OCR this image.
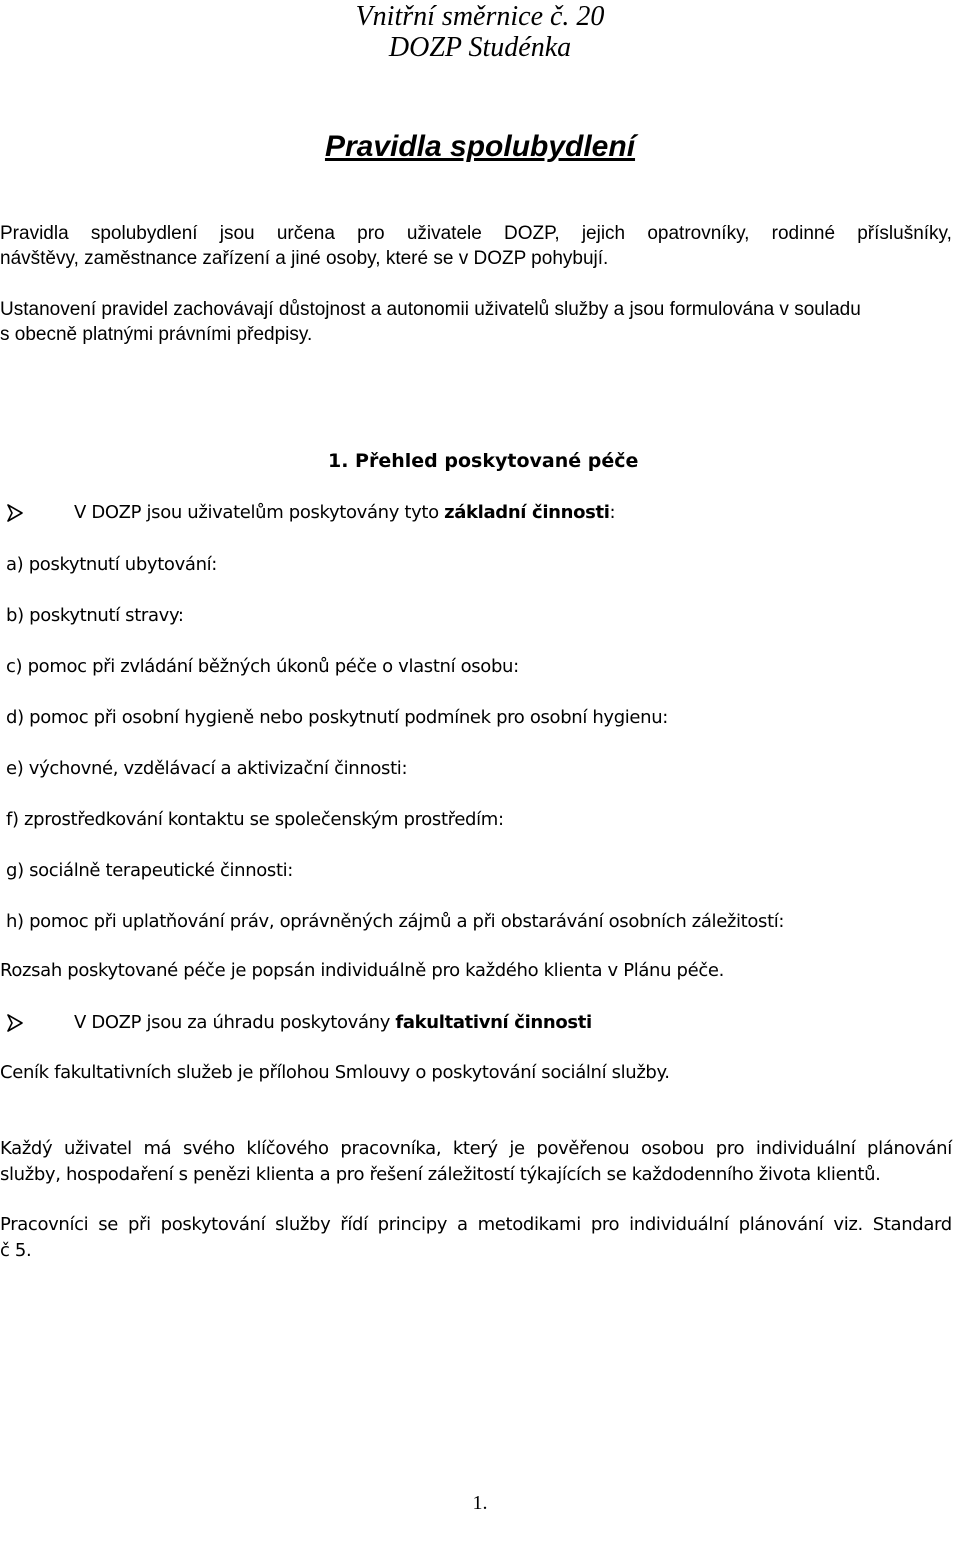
Vnitřní směrnice č. 20
DOZP Studénka
Pravidla spolubydlení
Pravidla spolubydlení jsou určena pro uživatele DOZP, jejich opatrovníky, rodinné příslušníky,
návštěvy, zaměstnance zařízení a jiné osoby, které se v DOZP pohybují.
Ustanovení pravidel zachovávají důstojnost a autonomii uživatelů služby a jsou formulována v souladu
s obecně platnými právními předpisy.
1. Přehled poskytované péče
V DOZP jsou uživatelům poskytovány tyto základní činnosti:
a) poskytnutí ubytování:
b) poskytnutí stravy:
c) pomoc při zvládání běžných úkonů péče o vlastní osobu:
d) pomoc při osobní hygieně nebo poskytnutí podmínek pro osobní hygienu:
e) výchovné, vzdělávací a aktivizační činnosti:
f) zprostředkování kontaktu se společenským prostředím:
g) sociálně terapeutické činnosti:
h) pomoc při uplatňování práv, oprávněných zájmů a při obstarávání osobních záležitostí:
Rozsah poskytované péče je popsán individuálně pro každého klienta v Plánu péče.
V DOZP jsou za úhradu poskytovány fakultativní činnosti
Ceník fakultativních služeb je přílohou Smlouvy o poskytování sociální služby.
Každý uživatel má svého klíčového pracovníka, který je pověřenou osobou pro individuální plánování
služby, hospodaření s penězi klienta a pro řešení záležitostí týkajících se každodenního života klientů.
Pracovníci se při poskytování služby řídí principy a metodikami pro individuální plánování viz. Standard
č 5.
1.
